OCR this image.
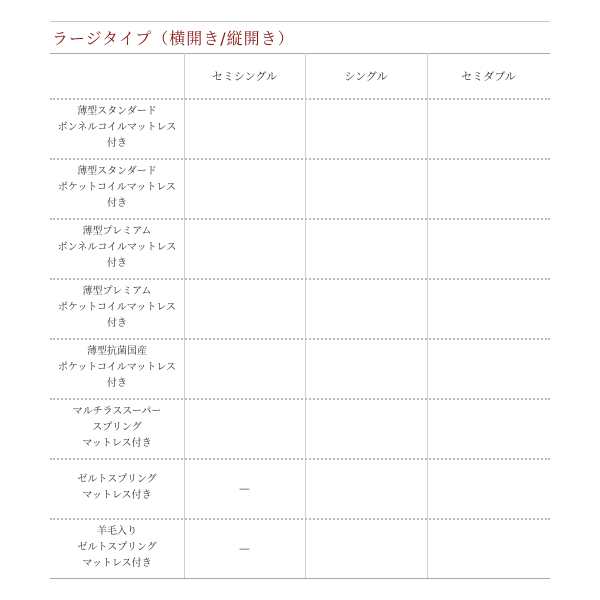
ラージタイプ（横開き/縦開き）
セミシングル	シングル	セミダブル
薄型スタンダード
ボンネルコイルマットレス
付き
薄型スタンダード
ポケットコイルマットレス
付き
薄型プレミアム
ボンネルコイルマットレス
付き
薄型プレミアム
ポケットコイルマットレス
付き
薄型抗菌国産
ポケットコイルマットレス
付き
マルチラススーパー
スプリング
マットレス付き
ゼルトスプリング
マットレス付き
—
羊毛入り
ゼルトスプリング
マットレス付き
—
